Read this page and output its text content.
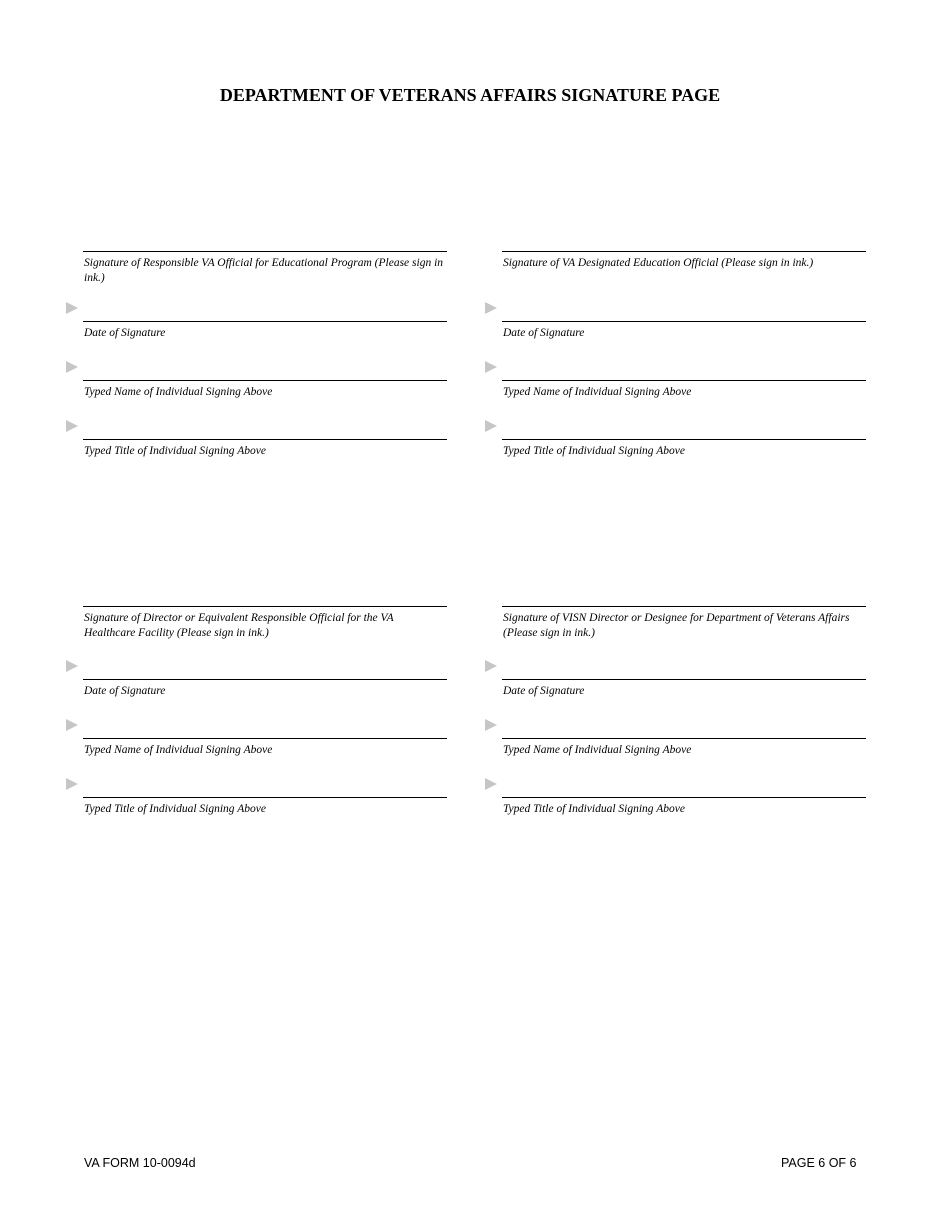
DEPARTMENT OF VETERANS AFFAIRS SIGNATURE PAGE
Signature of Responsible VA Official for Educational Program (Please sign in ink.)
Date of Signature
Typed Name of Individual Signing Above
Typed Title of Individual Signing Above
Signature of VA Designated Education Official (Please sign in ink.)
Date of Signature
Typed Name of Individual Signing Above
Typed Title of Individual Signing Above
Signature of Director or Equivalent Responsible Official for the VA Healthcare Facility (Please sign in ink.)
Date of Signature
Typed Name of Individual Signing Above
Typed Title of Individual Signing Above
Signature of VISN Director or Designee for Department of Veterans Affairs (Please sign in ink.)
Date of Signature
Typed Name of Individual Signing Above
Typed Title of Individual Signing Above
VA FORM 10-0094d	PAGE 6 OF 6
